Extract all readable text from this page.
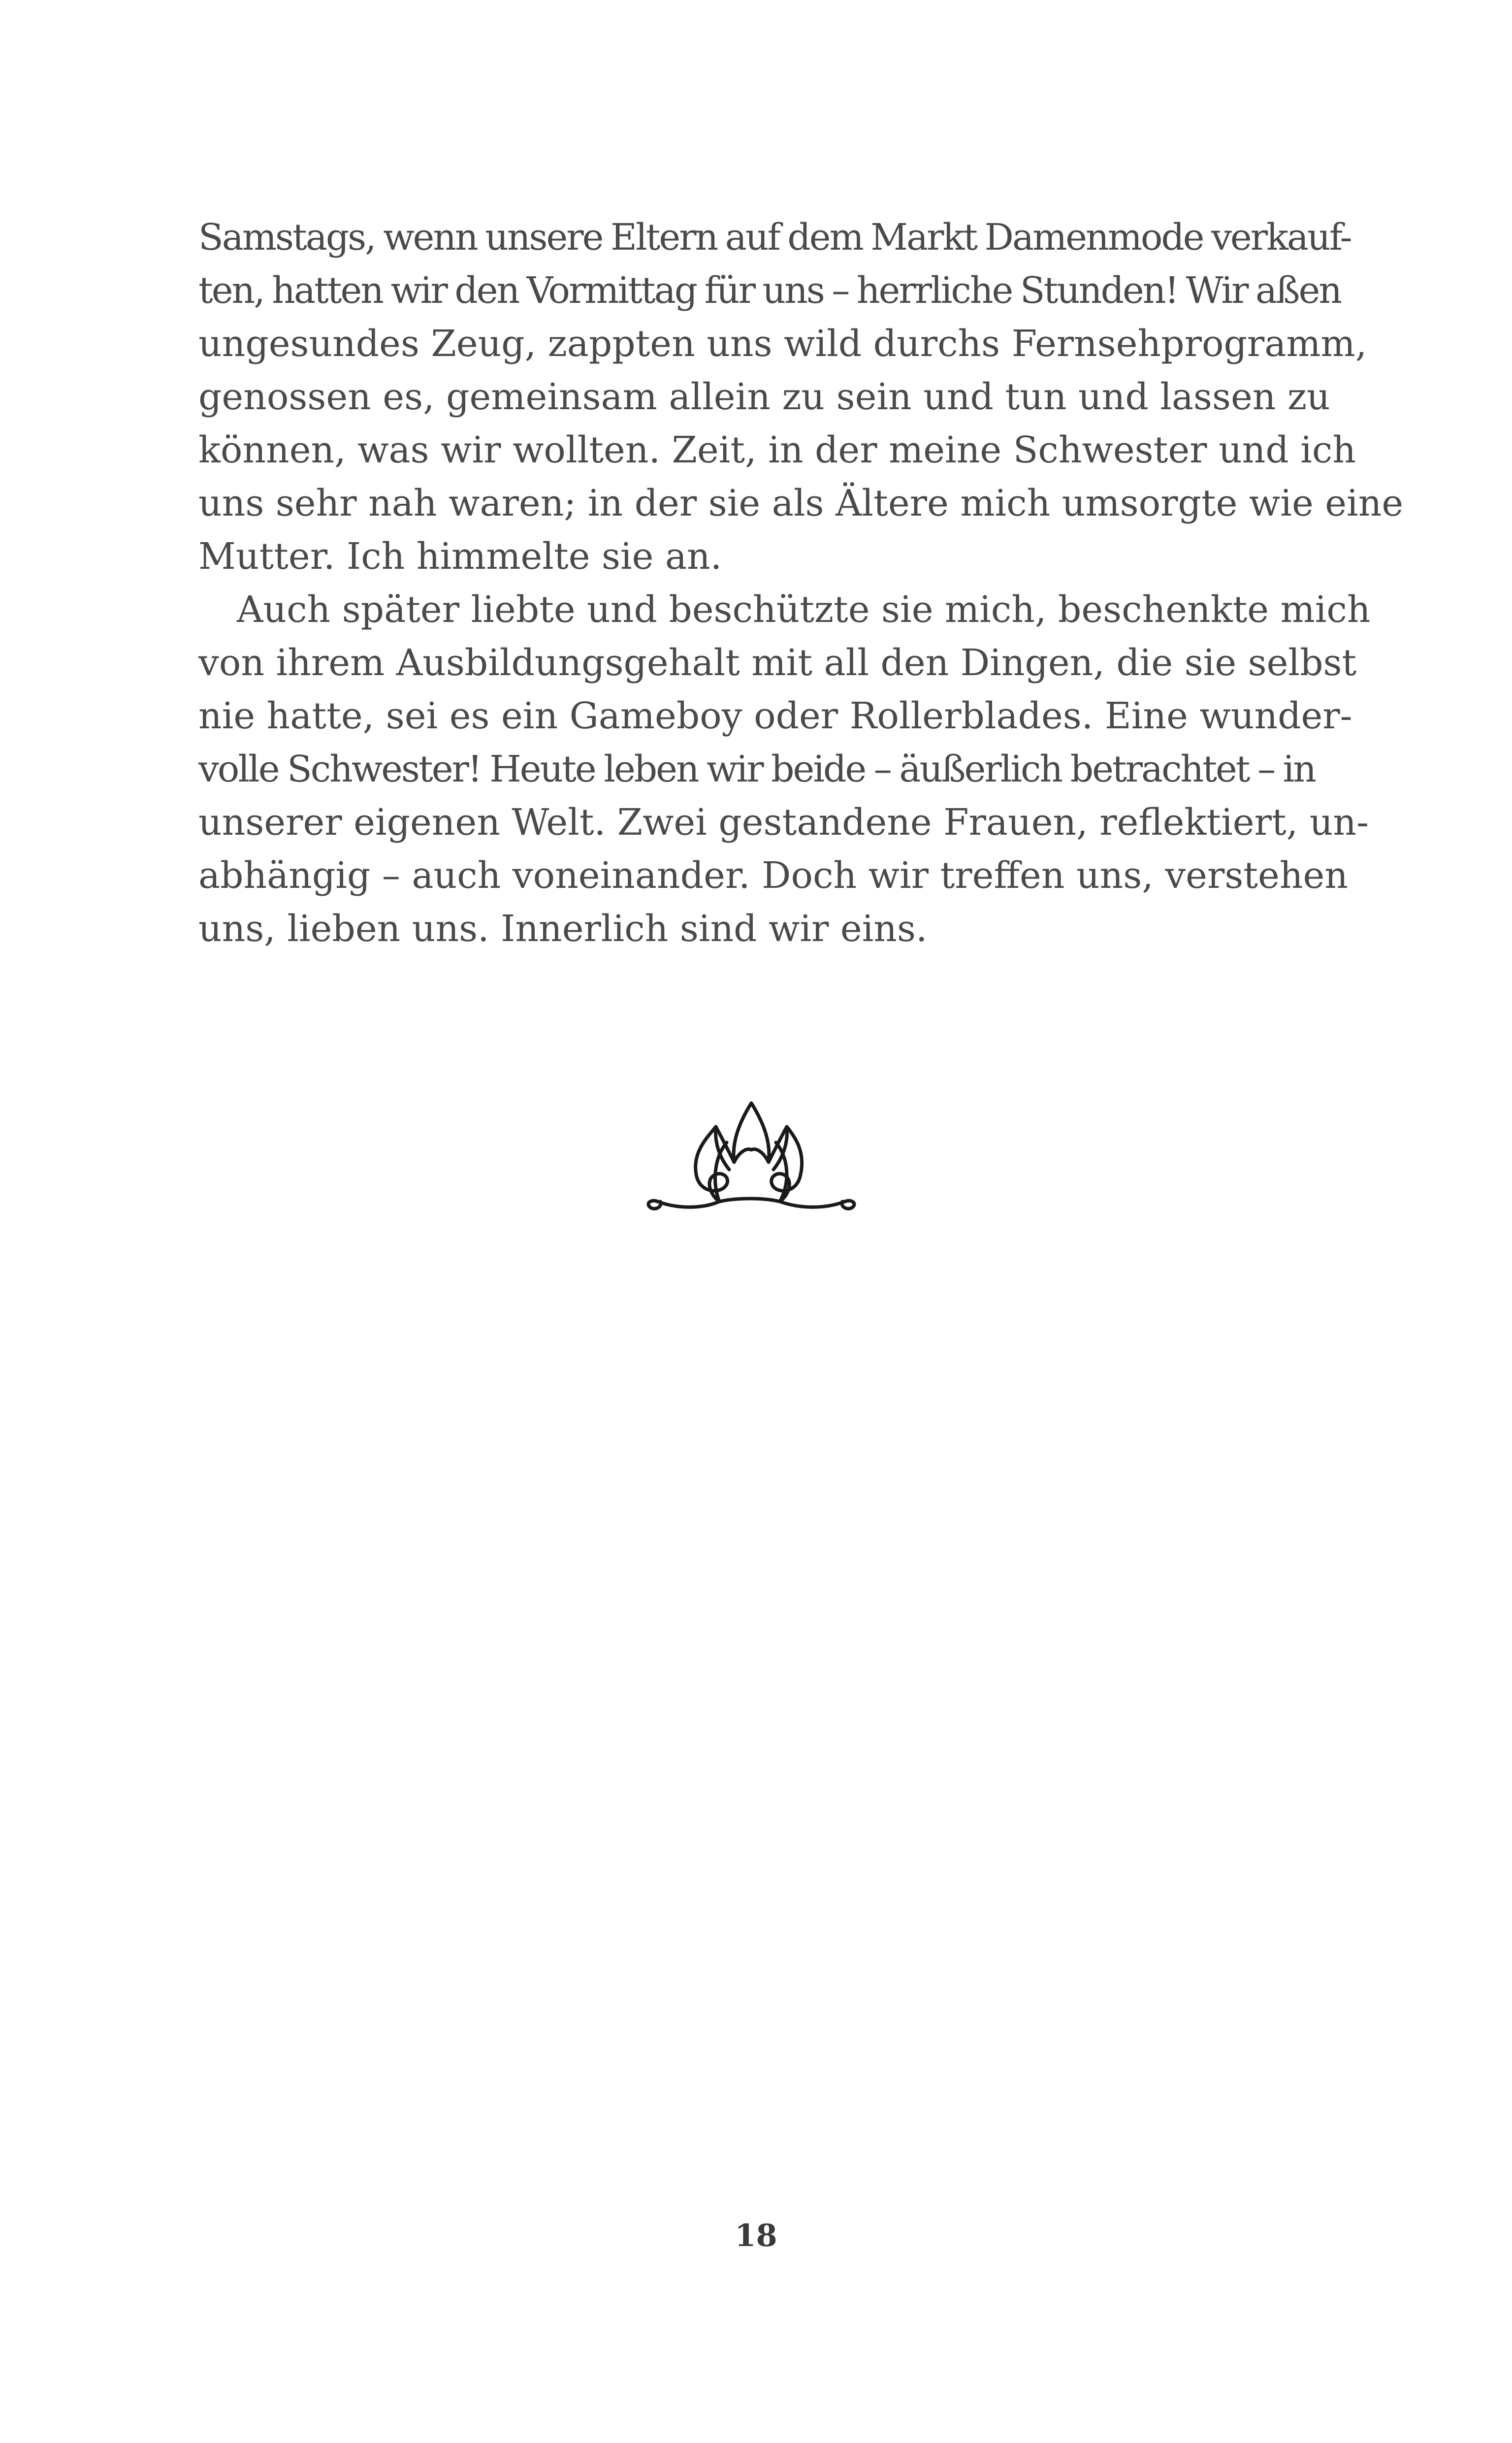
Samstags, wenn unsere Eltern auf dem Markt Damenmode verkauf-
ten, hatten wir den Vormittag für uns – herrliche Stunden! Wir aßen
ungesundes Zeug, zappten uns wild durchs Fernsehprogramm,
genossen es, gemeinsam allein zu sein und tun und lassen zu
können, was wir wollten. Zeit, in der meine Schwester und ich
uns sehr nah waren; in der sie als Ältere mich umsorgte wie eine
Mutter. Ich himmelte sie an.
Auch später liebte und beschützte sie mich, beschenkte mich
von ihrem Ausbildungsgehalt mit all den Dingen, die sie selbst
nie hatte, sei es ein Gameboy oder Rollerblades. Eine wunder-
volle Schwester! Heute leben wir beide – äußerlich betrachtet – in
unserer eigenen Welt. Zwei gestandene Frauen, reflektiert, un-
abhängig – auch voneinander. Doch wir treffen uns, verstehen
uns, lieben uns. Innerlich sind wir eins.
18
